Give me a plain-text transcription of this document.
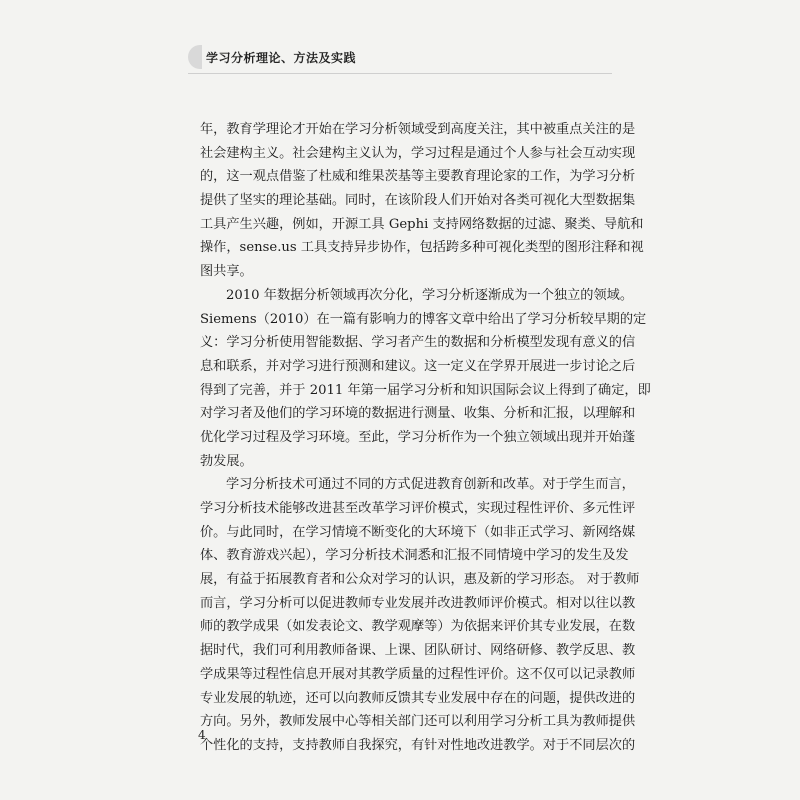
学习分析理论、方法及实践
年，教育学理论才开始在学习分析领域受到高度关注，其中被重点关注的是
社会建构主义。社会建构主义认为，学习过程是通过个人参与社会互动实现
的，这一观点借鉴了杜威和维果茨基等主要教育理论家的工作，为学习分析
提供了坚实的理论基础。同时，在该阶段人们开始对各类可视化大型数据集
工具产生兴趣，例如，开源工具 Gephi 支持网络数据的过滤、聚类、导航和
操作，sense.us 工具支持异步协作，包括跨多种可视化类型的图形注释和视
图共享。
2010 年数据分析领域再次分化，学习分析逐渐成为一个独立的领域。
Siemens（2010）在一篇有影响力的博客文章中给出了学习分析较早期的定
义：学习分析使用智能数据、学习者产生的数据和分析模型发现有意义的信
息和联系，并对学习进行预测和建议。这一定义在学界开展进一步讨论之后
得到了完善，并于 2011 年第一届学习分析和知识国际会议上得到了确定，即
对学习者及他们的学习环境的数据进行测量、收集、分析和汇报，以理解和
优化学习过程及学习环境。至此，学习分析作为一个独立领域出现并开始蓬
勃发展。
学习分析技术可通过不同的方式促进教育创新和改革。对于学生而言，
学习分析技术能够改进甚至改革学习评价模式，实现过程性评价、多元性评
价。与此同时，在学习情境不断变化的大环境下（如非正式学习、新网络媒
体、教育游戏兴起），学习分析技术洞悉和汇报不同情境中学习的发生及发
展，有益于拓展教育者和公众对学习的认识，惠及新的学习形态。 对于教师
而言，学习分析可以促进教师专业发展并改进教师评价模式。相对以往以教
师的教学成果（如发表论文、教学观摩等）为依据来评价其专业发展，在数
据时代，我们可利用教师备课、上课、团队研讨、网络研修、教学反思、教
学成果等过程性信息开展对其教学质量的过程性评价。这不仅可以记录教师
专业发展的轨迹，还可以向教师反馈其专业发展中存在的问题，提供改进的
方向。另外，教师发展中心等相关部门还可以利用学习分析工具为教师提供
个性化的支持，支持教师自我探究，有针对性地改进教学。对于不同层次的
4
